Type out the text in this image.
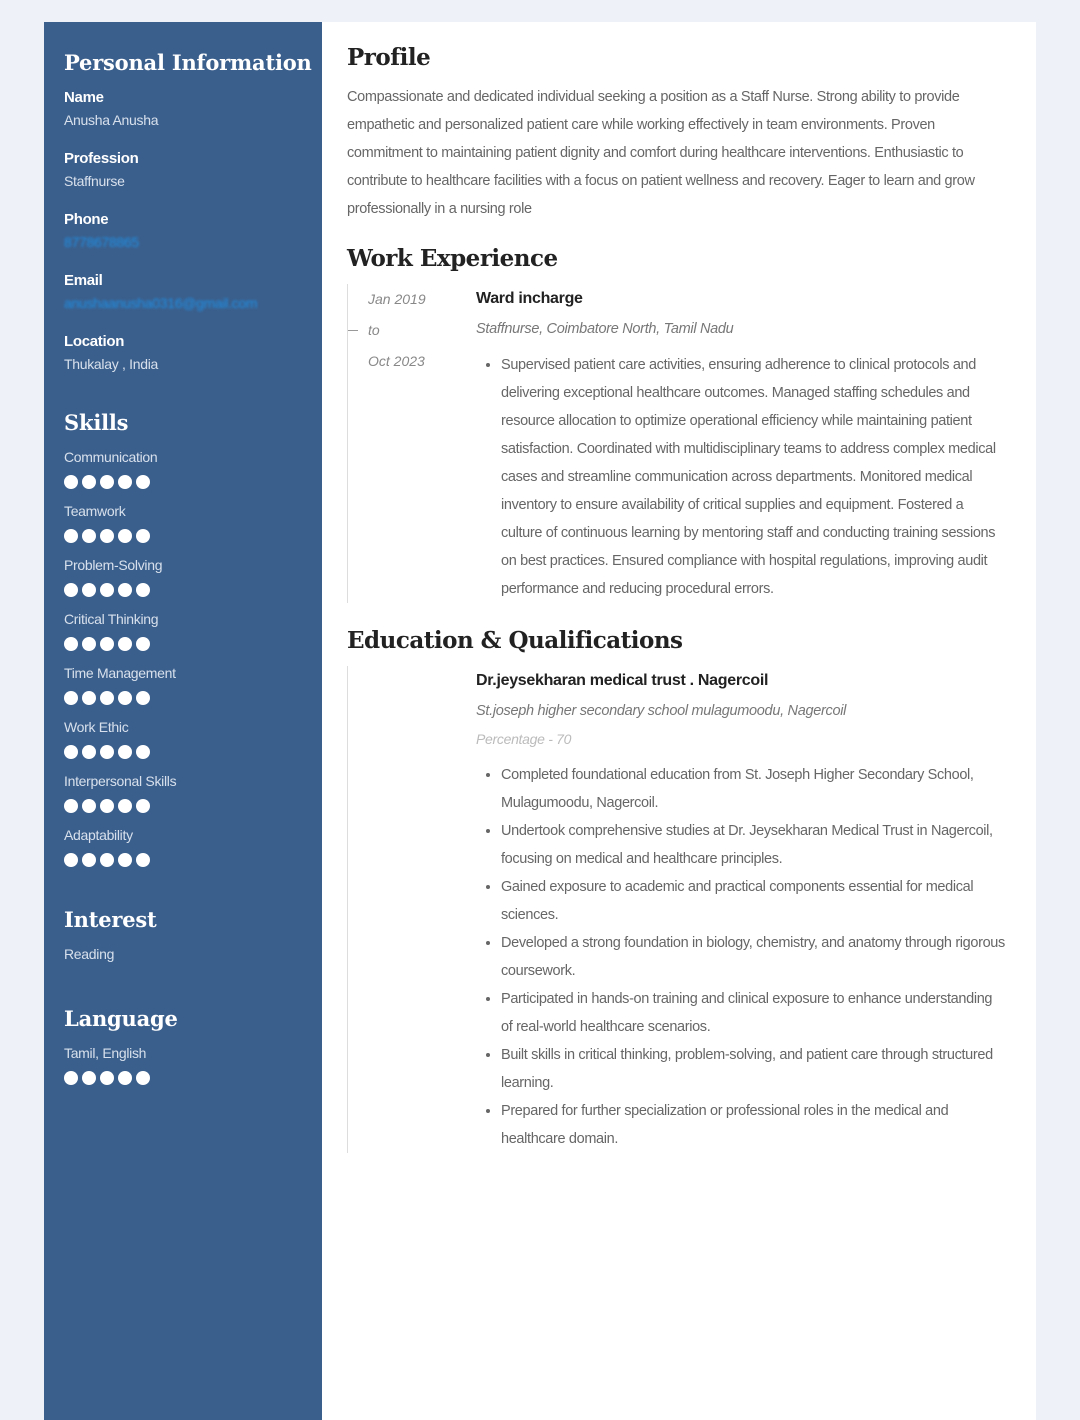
Personal Information
Name
Anusha Anusha
Profession
Staffnurse
Phone
8778678865
Email
anushaanusha0316@gmail.com
Location
Thukalay , India
Skills
Communication
Teamwork
Problem-Solving
Critical Thinking
Time Management
Work Ethic
Interpersonal Skills
Adaptability
Interest
Reading
Language
Tamil, English
Profile

Compassionate and dedicated individual seeking a position as a Staff Nurse. Strong ability to provide empathetic and personalized patient care while working effectively in team environments. Proven commitment to maintaining patient dignity and comfort during healthcare interventions. Enthusiastic to contribute to healthcare facilities with a focus on patient wellness and recovery. Eager to learn and grow professionally in a nursing role

Work Experience
Jan 2019
to
Oct 2023
Ward incharge
Staffnurse, Coimbatore North, Tamil Nadu
• Supervised patient care activities, ensuring adherence to clinical protocols and delivering exceptional healthcare outcomes. Managed staffing schedules and resource allocation to optimize operational efficiency while maintaining patient satisfaction. Coordinated with multidisciplinary teams to address complex medical cases and streamline communication across departments. Monitored medical inventory to ensure availability of critical supplies and equipment. Fostered a culture of continuous learning by mentoring staff and conducting training sessions on best practices. Ensured compliance with hospital regulations, improving audit performance and reducing procedural errors.
Education & Qualifications
Dr.jeysekharan medical trust . Nagercoil
St.joseph higher secondary school mulagumoodu, Nagercoil
Percentage - 70
• Completed foundational education from St. Joseph Higher Secondary School, Mulagumoodu, Nagercoil.
• Undertook comprehensive studies at Dr. Jeysekharan Medical Trust in Nagercoil, focusing on medical and healthcare principles.
• Gained exposure to academic and practical components essential for medical sciences.
• Developed a strong foundation in biology, chemistry, and anatomy through rigorous coursework.
• Participated in hands-on training and clinical exposure to enhance understanding of real-world healthcare scenarios.
• Built skills in critical thinking, problem-solving, and patient care through structured learning.
• Prepared for further specialization or professional roles in the medical and healthcare domain.
